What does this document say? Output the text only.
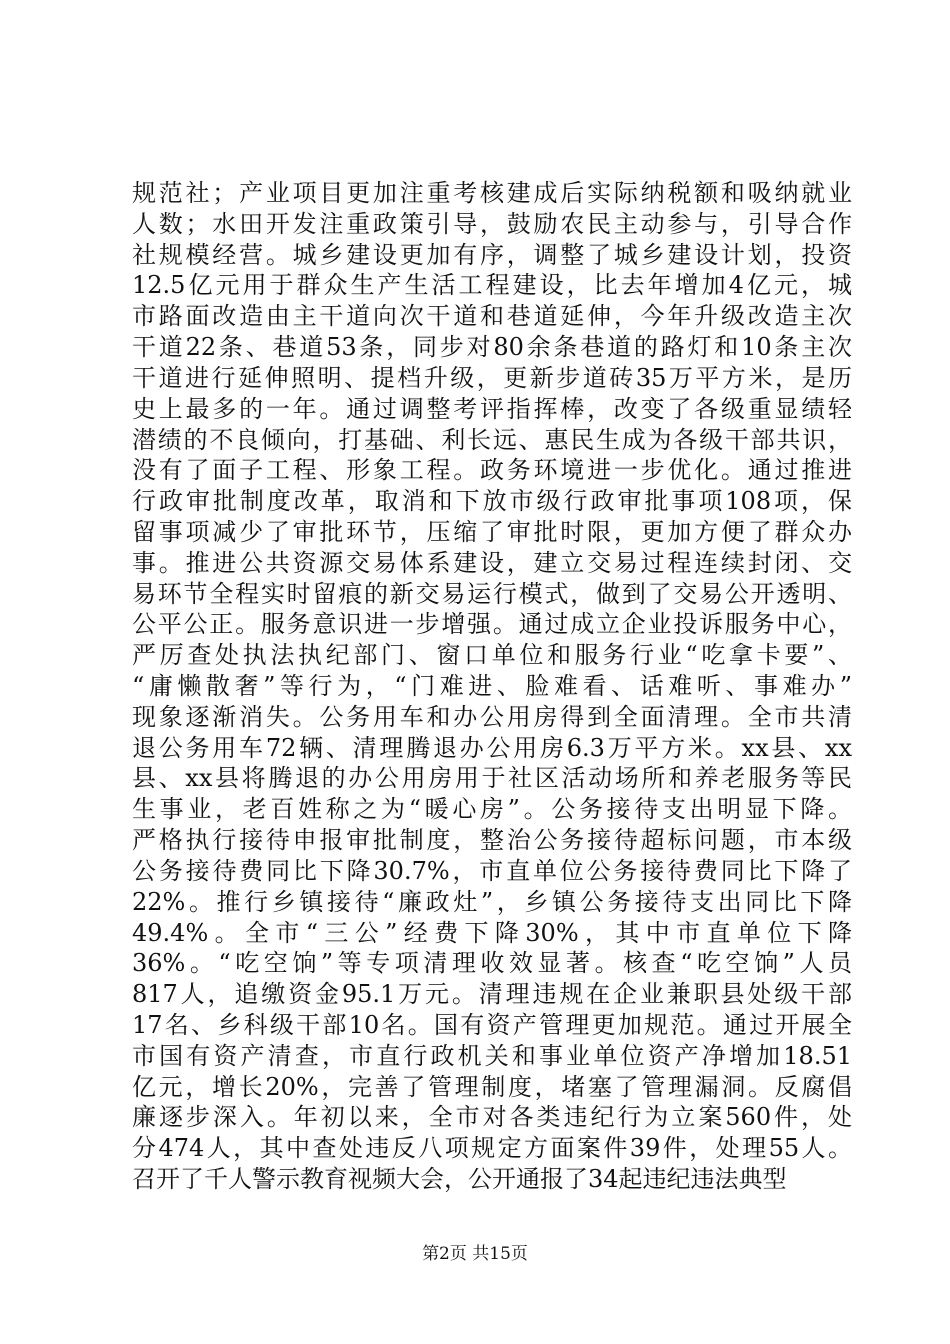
规范社；产业项目更加注重考核建成后实际纳税额和吸纳就业
人数；水田开发注重政策引导，鼓励农民主动参与，引导合作
社规模经营。城乡建设更加有序，调整了城乡建设计划，投资
12.5亿元用于群众生产生活工程建设，比去年增加4亿元，城
市路面改造由主干道向次干道和巷道延伸，今年升级改造主次
干道22条、巷道53条，同步对80余条巷道的路灯和10条主次
干道进行延伸照明、提档升级，更新步道砖35万平方米，是历
史上最多的一年。通过调整考评指挥棒，改变了各级重显绩轻
潜绩的不良倾向，打基础、利长远、惠民生成为各级干部共识，
没有了面子工程、形象工程。政务环境进一步优化。通过推进
行政审批制度改革，取消和下放市级行政审批事项108项，保
留事项减少了审批环节，压缩了审批时限，更加方便了群众办
事。推进公共资源交易体系建设，建立交易过程连续封闭、交
易环节全程实时留痕的新交易运行模式，做到了交易公开透明、
公平公正。服务意识进一步增强。通过成立企业投诉服务中心，
严厉查处执法执纪部门、窗口单位和服务行业“吃拿卡要”、
“庸懒散奢”等行为，“门难进、脸难看、话难听、事难办”
现象逐渐消失。公务用车和办公用房得到全面清理。全市共清
退公务用车72辆、清理腾退办公用房6.3万平方米。xx县、xx
县、xx县将腾退的办公用房用于社区活动场所和养老服务等民
生事业，老百姓称之为“暖心房”。公务接待支出明显下降。
严格执行接待申报审批制度，整治公务接待超标问题，市本级
公务接待费同比下降30.7%，市直单位公务接待费同比下降了
22%。推行乡镇接待“廉政灶”，乡镇公务接待支出同比下降
49.4%。全市“三公”经费下降30%，其中市直单位下降
36%。“吃空饷”等专项清理收效显著。核查“吃空饷”人员
817人，追缴资金95.1万元。清理违规在企业兼职县处级干部
17名、乡科级干部10名。国有资产管理更加规范。通过开展全
市国有资产清查，市直行政机关和事业单位资产净增加18.51
亿元，增长20%，完善了管理制度，堵塞了管理漏洞。反腐倡
廉逐步深入。年初以来，全市对各类违纪行为立案560件，处
分474人，其中查处违反八项规定方面案件39件，处理55人。
召开了千人警示教育视频大会，公开通报了34起违纪违法典型
第2页 共15页
